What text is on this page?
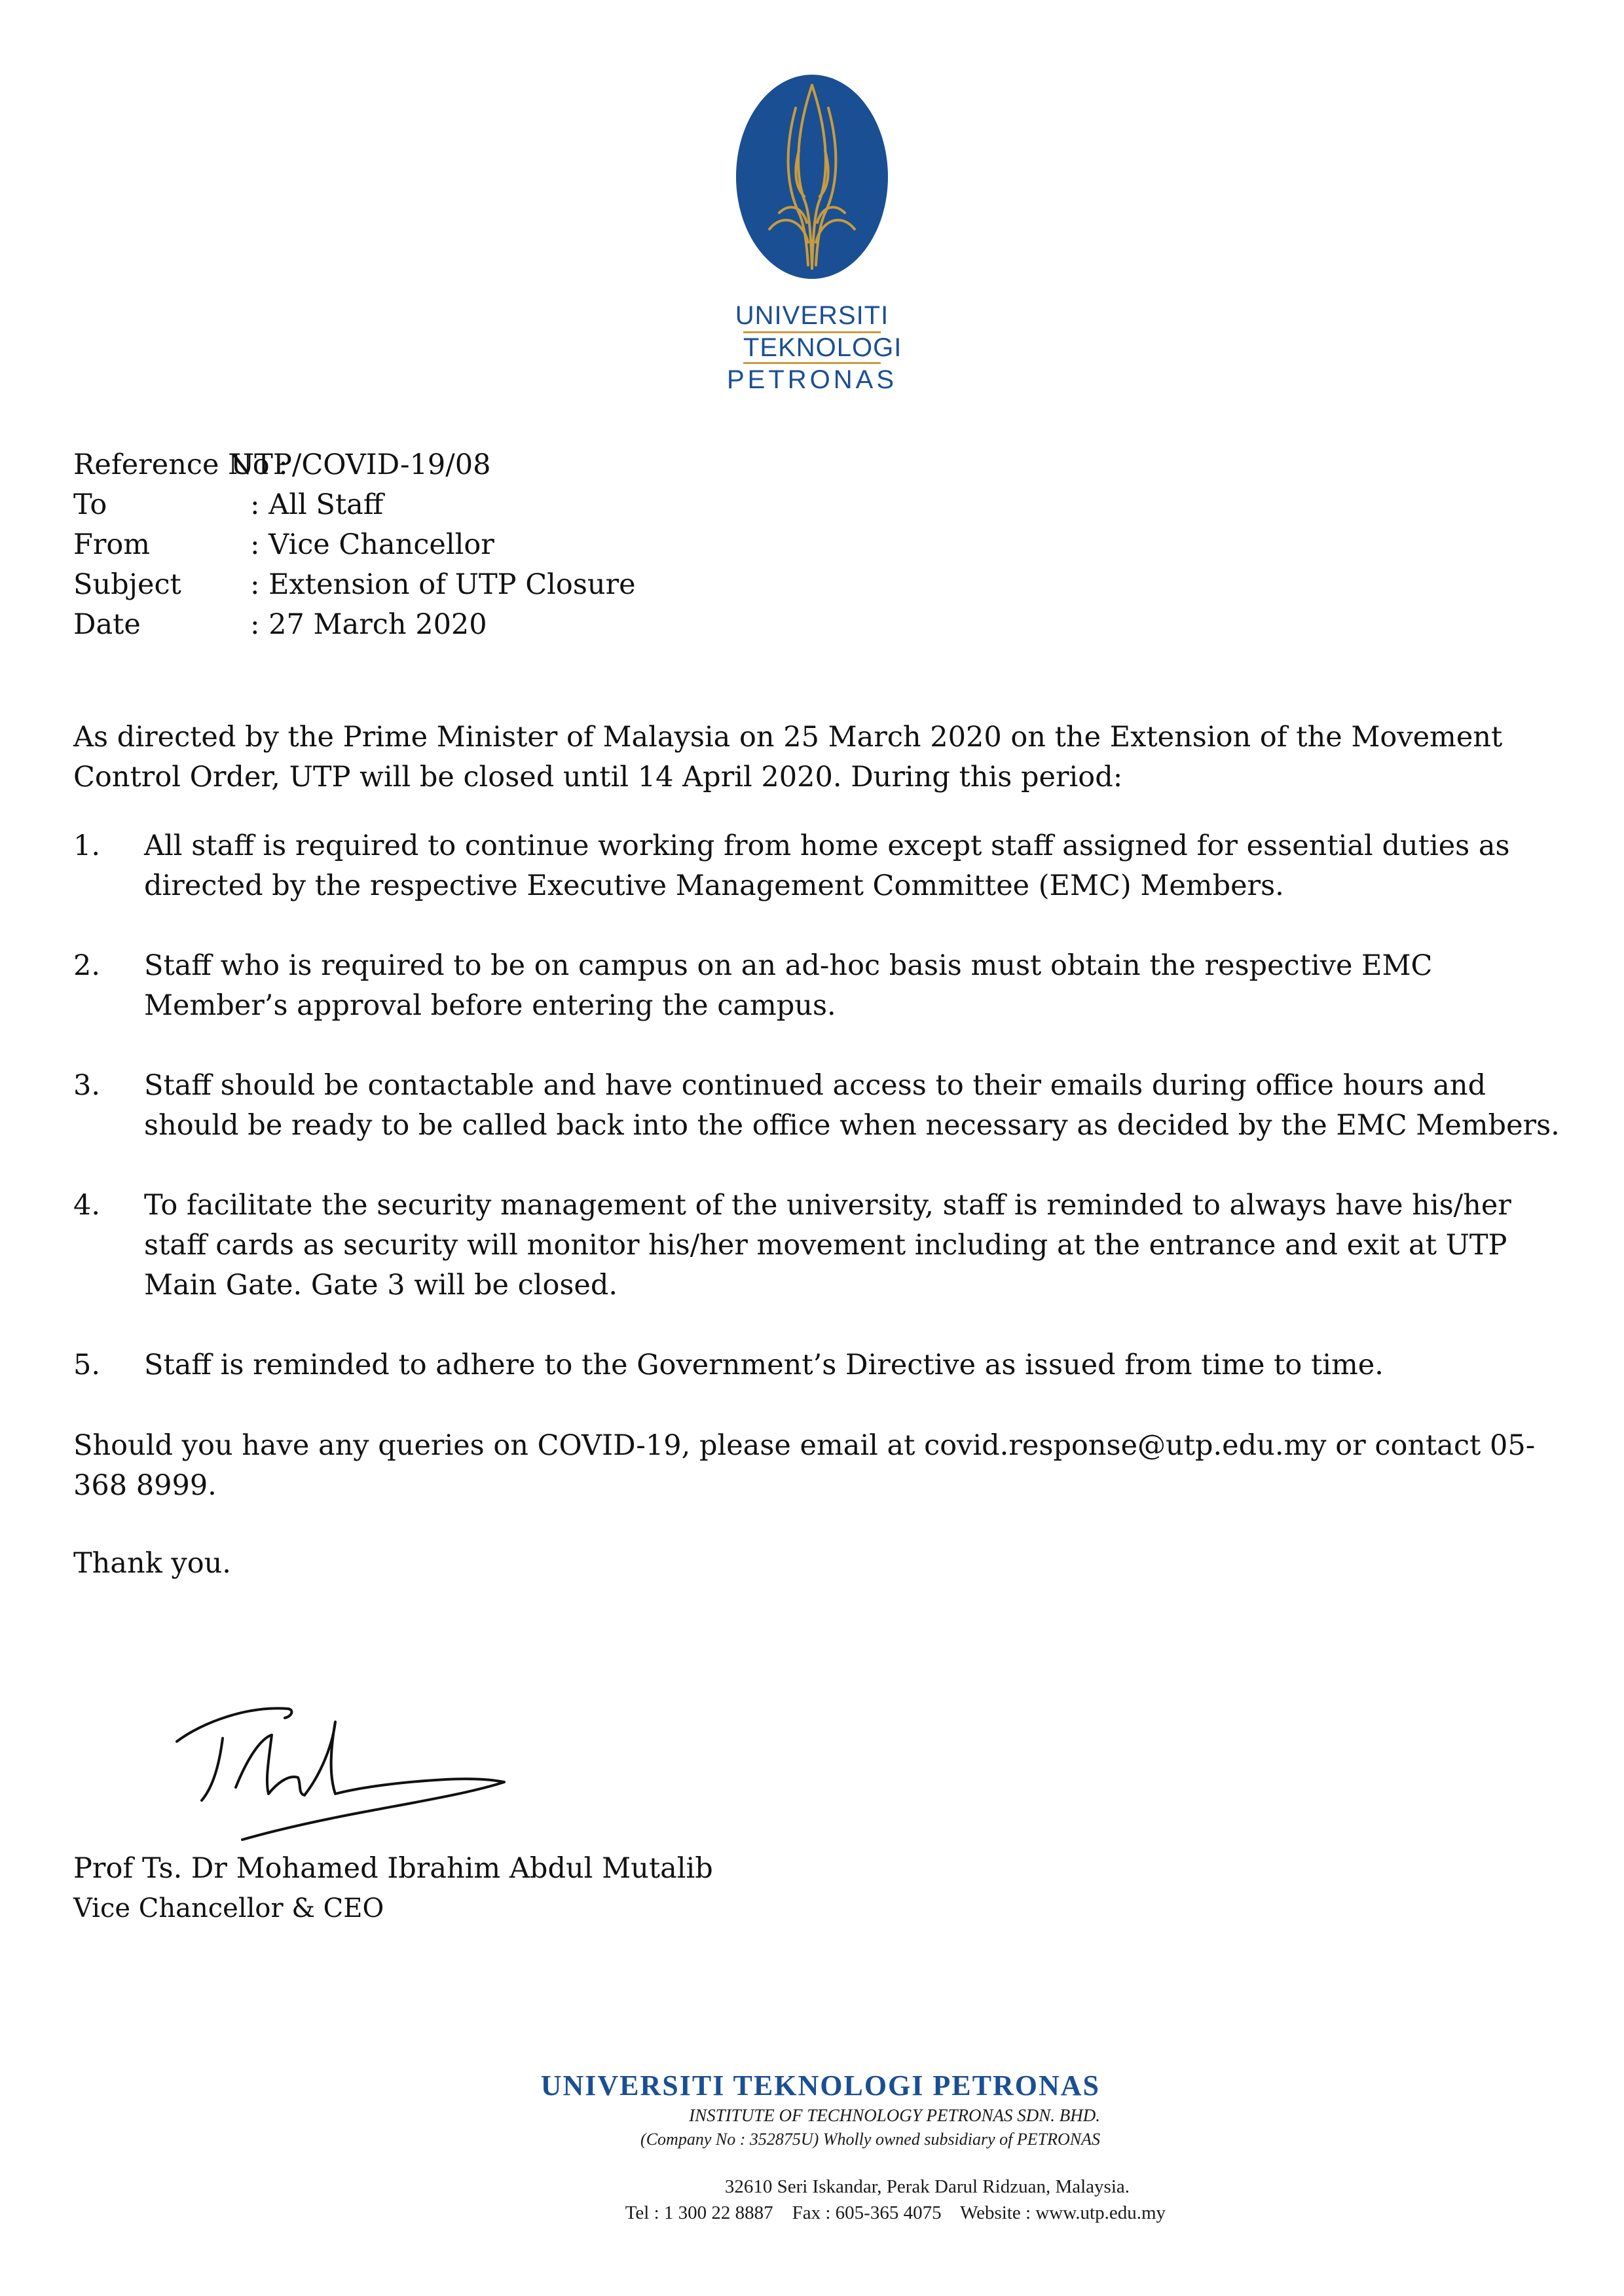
UNIVERSITI
TEKNOLOGI
PETRONAS
Reference No :
UTP/COVID-19/08
To	: All Staff
From	: Vice Chancellor
Subject	: Extension of UTP Closure
Date	: 27 March 2020
As directed by the Prime Minister of Malaysia on 25 March 2020 on the Extension of the Movement Control Order, UTP will be closed until 14 April 2020. During this period:
1.	All staff is required to continue working from home except staff assigned for essential duties as directed by the respective Executive Management Committee (EMC) Members.
2.	Staff who is required to be on campus on an ad-hoc basis must obtain the respective EMC Member’s approval before entering the campus.
3.	Staff should be contactable and have continued access to their emails during office hours and should be ready to be called back into the office when necessary as decided by the EMC Members.
4.	To facilitate the security management of the university, staff is reminded to always have his/her staff cards as security will monitor his/her movement including at the entrance and exit at UTP Main Gate. Gate 3 will be closed.
5.	Staff is reminded to adhere to the Government’s Directive as issued from time to time.
Should you have any queries on COVID-19, please email at covid.response@utp.edu.my or contact 05-368 8999.
Thank you.
Prof Ts. Dr Mohamed Ibrahim Abdul Mutalib
Vice Chancellor & CEO
UNIVERSITI TEKNOLOGI PETRONAS
INSTITUTE OF TECHNOLOGY PETRONAS SDN. BHD.
(Company No : 352875U) Wholly owned subsidiary of PETRONAS
32610 Seri Iskandar, Perak Darul Ridzuan, Malaysia.
Tel : 1 300 22 8887    Fax : 605-365 4075    Website : www.utp.edu.my
